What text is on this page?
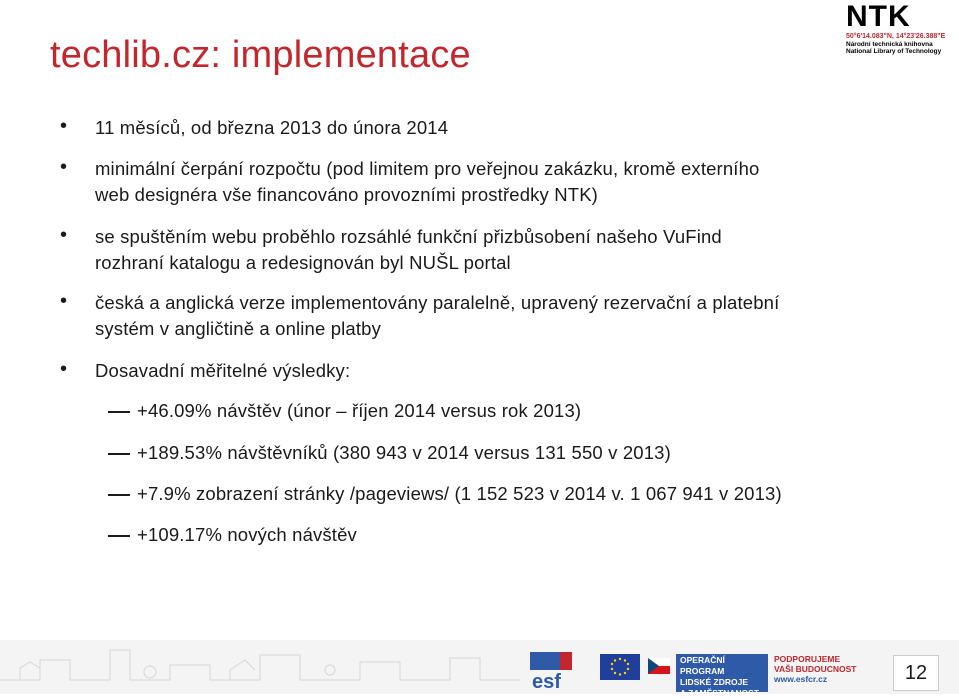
techlib.cz: implementace
NTK
50°6'14.083"N, 14°23'26.388"E
Národní technická knihovna
National Library of Technology
• 11 měsíců, od března 2013 do února 2014
• minimální čerpání rozpočtu (pod limitem pro veřejnou zakázku, kromě externího
web designéra vše financováno provozními prostředky NTK)
• se spuštěním webu proběhlo rozsáhlé funkční přizbůsobení našeho VuFind
rozhraní katalogu a redesignován byl NUŠL portal
• česká a anglická verze implementovány paralelně, upravený rezervační a platební
systém v angličtině a online platby
• Dosavadní měřitelné výsledky:
+46.09% návštěv (únor – říjen 2014 versus rok 2013)
+189.53% návštěvníků (380 943 v 2014 versus 131 550 v 2013)
+7.9% zobrazení stránky /pageviews/ (1 152 523 v 2014 v. 1 067 941 v 2013)
+109.17% nových návštěv
esf
OPERAČNÍ PROGRAM
LIDSKÉ ZDROJE
A ZAMĚSTNANOST
PODPORUJEME
VAŠI BUDOUCNOST
www.esfcr.cz	12
